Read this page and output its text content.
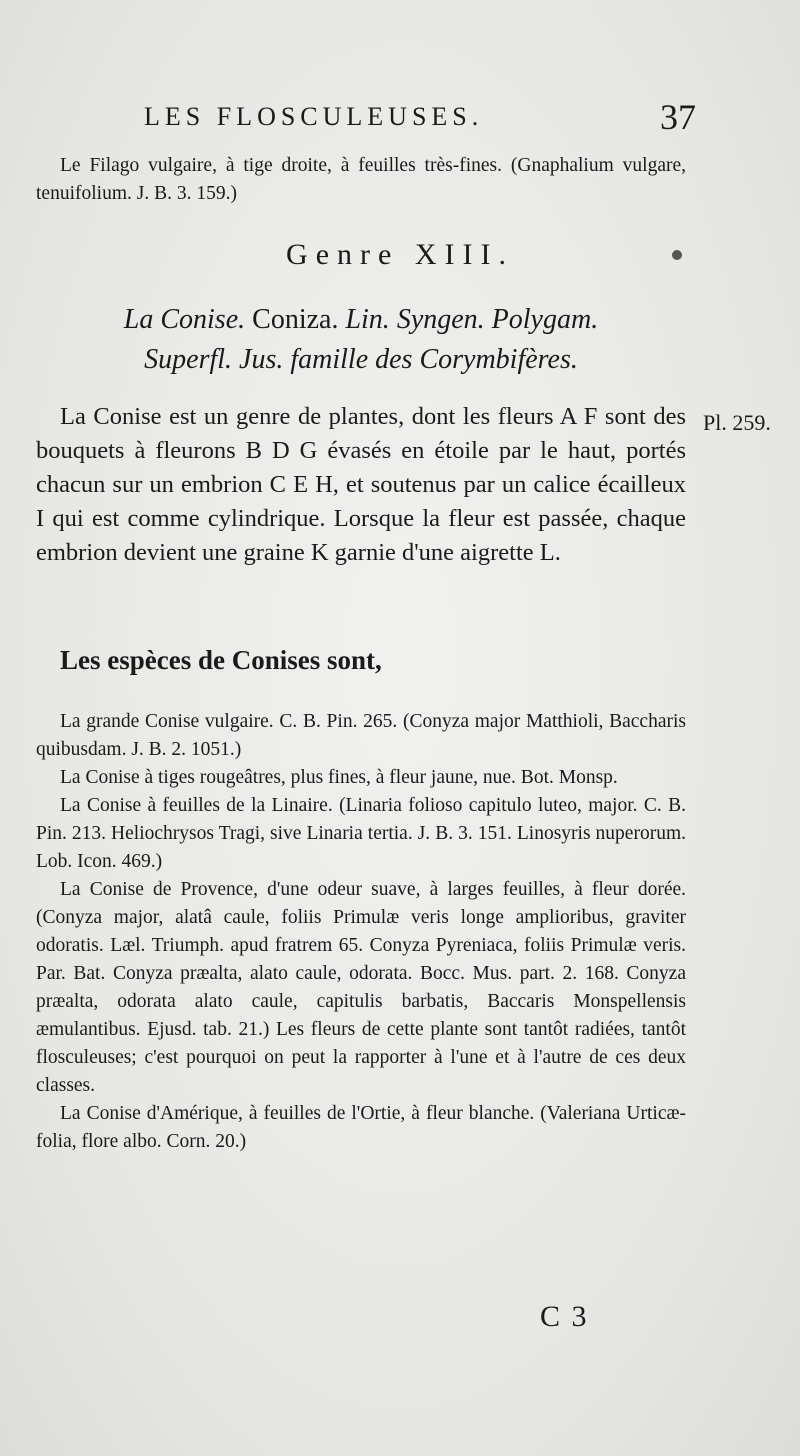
LES FLOSCULEUSES.	37
Le Filago vulgaire, à tige droite, à feuilles très-fines. (Gnaphalium vulgare, tenuifolium. J. B. 3. 159.)
Genre XIII.
La Conise. Coniza. Lin. Syngen. Polygam.
Superfl. Jus. famille des Corymbifères.
La Conise est un genre de plantes, dont les fleurs A F sont des bouquets à fleurons B D G évasés en étoile par le haut, portés chacun sur un embrion C E H, et soutenus par un calice écailleux I qui est comme cylindrique. Lorsque la fleur est passée, chaque embrion devient une graine K garnie d'une aigrette L.
Pl. 259.
Les espèces de Conises sont,
La grande Conise vulgaire. C. B. Pin. 265. (Conyza major Matthioli, Baccharis quibusdam. J. B. 2. 1051.)
La Conise à tiges rougeâtres, plus fines, à fleur jaune, nue. Bot. Monsp.
La Conise à feuilles de la Linaire. (Linaria folioso capitulo luteo, major. C. B. Pin. 213. Heliochrysos Tragi, sive Linaria tertia. J. B. 3. 151. Linosyris nuperorum. Lob. Icon. 469.)
La Conise de Provence, d'une odeur suave, à larges feuilles, à fleur dorée. (Conyza major, alatâ caule, foliis Primulæ veris longe amplioribus, graviter odoratis. Læl. Triumph. apud fratrem 65. Conyza Pyreniaca, foliis Primulæ veris. Par. Bat. Conyza præalta, alato caule, odorata. Bocc. Mus. part. 2. 168. Conyza præalta, odorata alato caule, capitulis barbatis, Baccaris Monspellensis æmulantibus. Ejusd. tab. 21.) Les fleurs de cette plante sont tantôt radiées, tantôt flosculeuses; c'est pourquoi on peut la rapporter à l'une et à l'autre de ces deux classes.
La Conise d'Amérique, à feuilles de l'Ortie, à fleur blanche. (Valeriana Urticæ-folia, flore albo. Corn. 20.)
C 3
